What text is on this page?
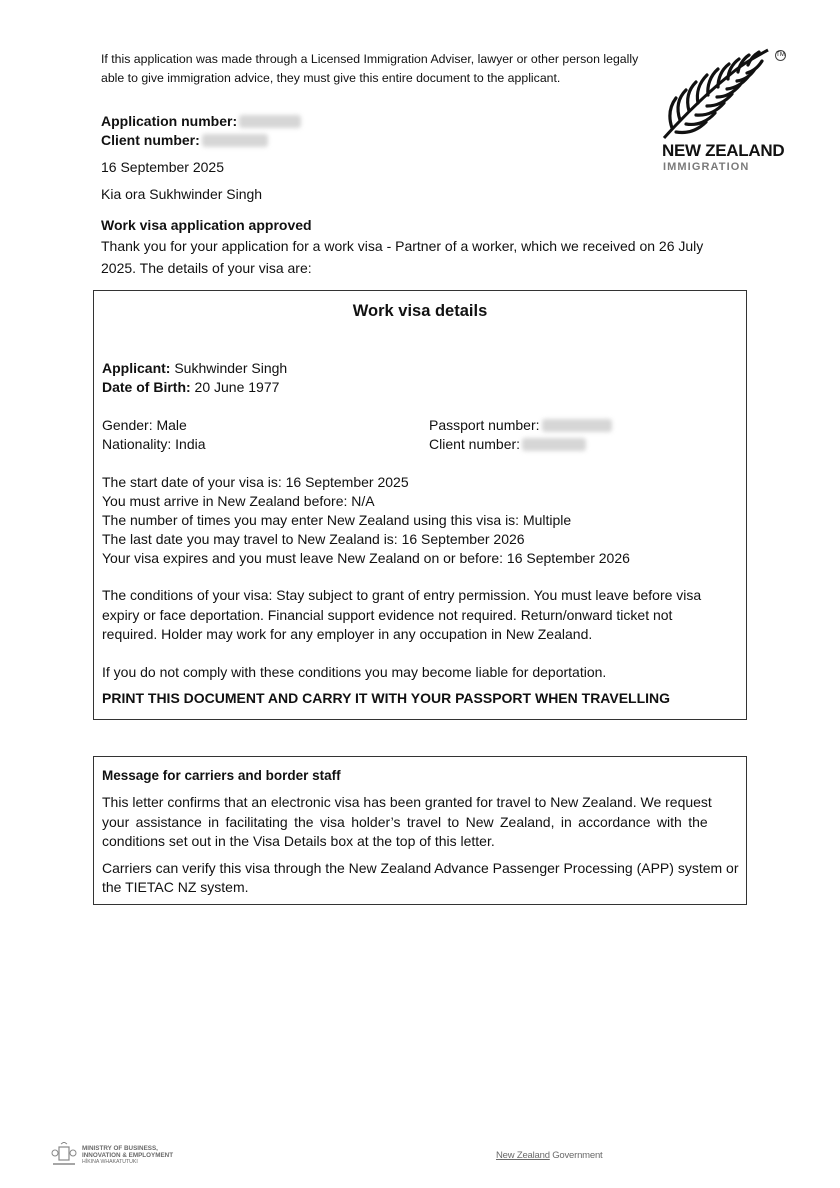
If this application was made through a Licensed Immigration Adviser, lawyer or other person legally able to give immigration advice, they must give this entire document to the applicant.
TM
NEW ZEALAND
IMMIGRATION
Application number:
Client number:
16 September 2025
Kia ora Sukhwinder Singh
Work visa application approved
Thank you for your application for a work visa - Partner of a worker, which we received on 26 July
2025. The details of your visa are:
Work visa details
Applicant: Sukhwinder Singh
Date of Birth: 20 June 1977
Gender: Male
Nationality: India
Passport number:
Client number:
The start date of your visa is: 16 September 2025
You must arrive in New Zealand before: N/A
The number of times you may enter New Zealand using this visa is: Multiple
The last date you may travel to New Zealand is: 16 September 2026
Your visa expires and you must leave New Zealand on or before: 16 September 2026
The conditions of your visa: Stay subject to grant of entry permission. You must leave before visa
expiry or face deportation. Financial support evidence not required. Return/onward ticket not
required. Holder may work for any employer in any occupation in New Zealand.
If you do not comply with these conditions you may become liable for deportation.
PRINT THIS DOCUMENT AND CARRY IT WITH YOUR PASSPORT WHEN TRAVELLING
Message for carriers and border staff
This letter confirms that an electronic visa has been granted for travel to New Zealand. We request
your assistance in facilitating the visa holder’s travel to New Zealand, in accordance with the
conditions set out in the Visa Details box at the top of this letter.
Carriers can verify this visa through the New Zealand Advance Passenger Processing (APP) system or
the TIETAC NZ system.
MINISTRY OF BUSINESS,
INNOVATION & EMPLOYMENT
HĪKINA WHAKATUTUKI
New Zealand Government
